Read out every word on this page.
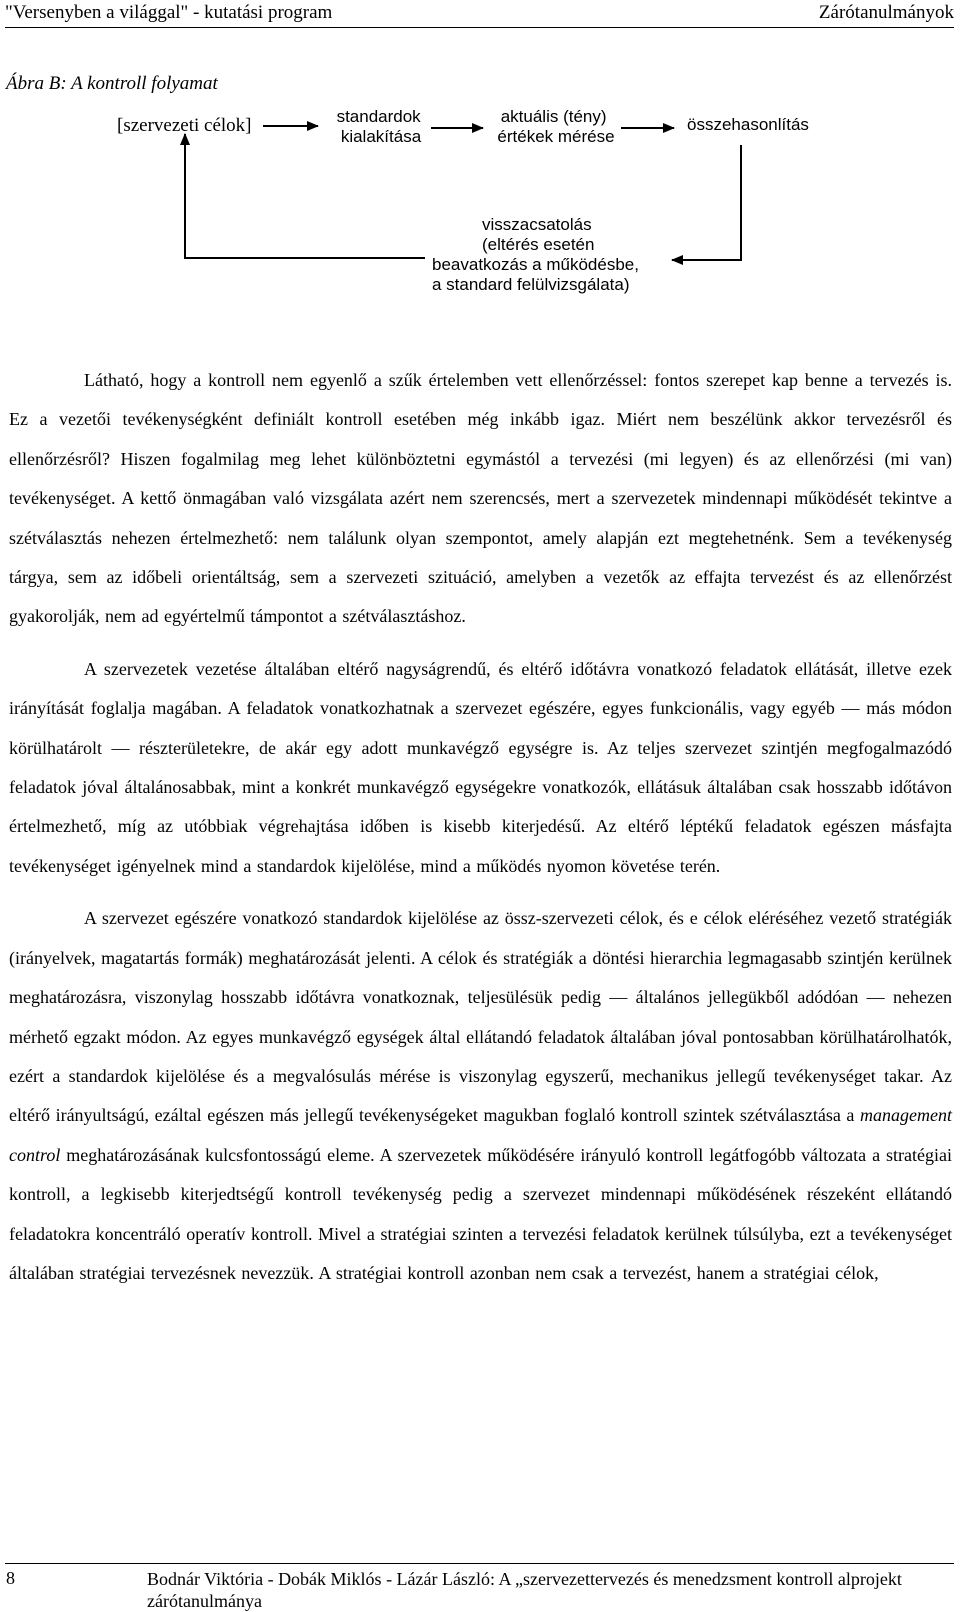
"Versenyben a világgal" - kutatási program	Zárótanulmányok
Ábra B: A kontroll folyamat
[szervezeti célok]	standardok kialakítása
aktuális (tény) értékek mérése
összehasonlítás
visszacsatolás (eltérés esetén beavatkozás a működésbe, a standard felülvizsgálata)

Látható, hogy a kontroll nem egyenlő a szűk értelemben vett ellenőrzéssel: fontos szerepet kap benne a tervezés is. Ez a vezetői tevékenységként definiált kontroll esetében még inkább igaz. Miért nem beszélünk akkor tervezésről és ellenőrzésről? Hiszen fogalmilag meg lehet különböztetni egymástól a tervezési (mi legyen) és az ellenőrzési (mi van) tevékenységet. A kettő önmagában való vizsgálata azért nem szerencsés, mert a szervezetek mindennapi működését tekintve a szétválasztás nehezen értelmezhető: nem találunk olyan szempontot, amely alapján ezt megtehetnénk. Sem a tevékenység tárgya, sem az időbeli orientáltság, sem a szervezeti szituáció, amelyben a vezetők az effajta tervezést és az ellenőrzést gyakorolják, nem ad egyértelmű támpontot a szétválasztáshoz.

A szervezetek vezetése általában eltérő nagyságrendű, és eltérő időtávra vonatkozó feladatok ellátását, illetve ezek irányítását foglalja magában. A feladatok vonatkozhatnak a szervezet egészére, egyes funkcionális, vagy egyéb — más módon körülhatárolt — részterületekre, de akár egy adott munkavégző egységre is. Az teljes szervezet szintjén megfogalmazódó feladatok jóval általánosabbak, mint a konkrét munkavégző egységekre vonatkozók, ellátásuk általában csak hosszabb időtávon értelmezhető, míg az utóbbiak végrehajtása időben is kisebb kiterjedésű. Az eltérő léptékű feladatok egészen másfajta tevékenységet igényelnek mind a standardok kijelölése, mind a működés nyomon követése terén.

A szervezet egészére vonatkozó standardok kijelölése az össz-szervezeti célok, és e célok eléréséhez vezető stratégiák (irányelvek, magatartás formák) meghatározását jelenti. A célok és stratégiák a döntési hierarchia legmagasabb szintjén kerülnek meghatározásra, viszonylag hosszabb időtávra vonatkoznak, teljesülésük pedig — általános jellegükből adódóan — nehezen mérhető egzakt módon. Az egyes munkavégző egységek által ellátandó feladatok általában jóval pontosabban körülhatárolhatók, ezért a standardok kijelölése és a megvalósulás mérése is viszonylag egyszerű, mechanikus jellegű tevékenységet takar. Az eltérő irányultságú, ezáltal egészen más jellegű tevékenységeket magukban foglaló kontroll szintek szétválasztása a management control meghatározásának kulcsfontosságú eleme. A szervezetek működésére irányuló kontroll legátfogóbb változata a stratégiai kontroll, a legkisebb kiterjedtségű kontroll tevékenység pedig a szervezet mindennapi működésének részeként ellátandó feladatokra koncentráló operatív kontroll. Mivel a stratégiai szinten a tervezési feladatok kerülnek túlsúlyba, ezt a tevékenységet általában stratégiai tervezésnek nevezzük. A stratégiai kontroll azonban nem csak a tervezést, hanem a stratégiai célok,

8	Bodnár Viktória - Dobák Miklós - Lázár László: A „szervezettervezés és menedzsment kontroll alprojekt zárótanulmánya
